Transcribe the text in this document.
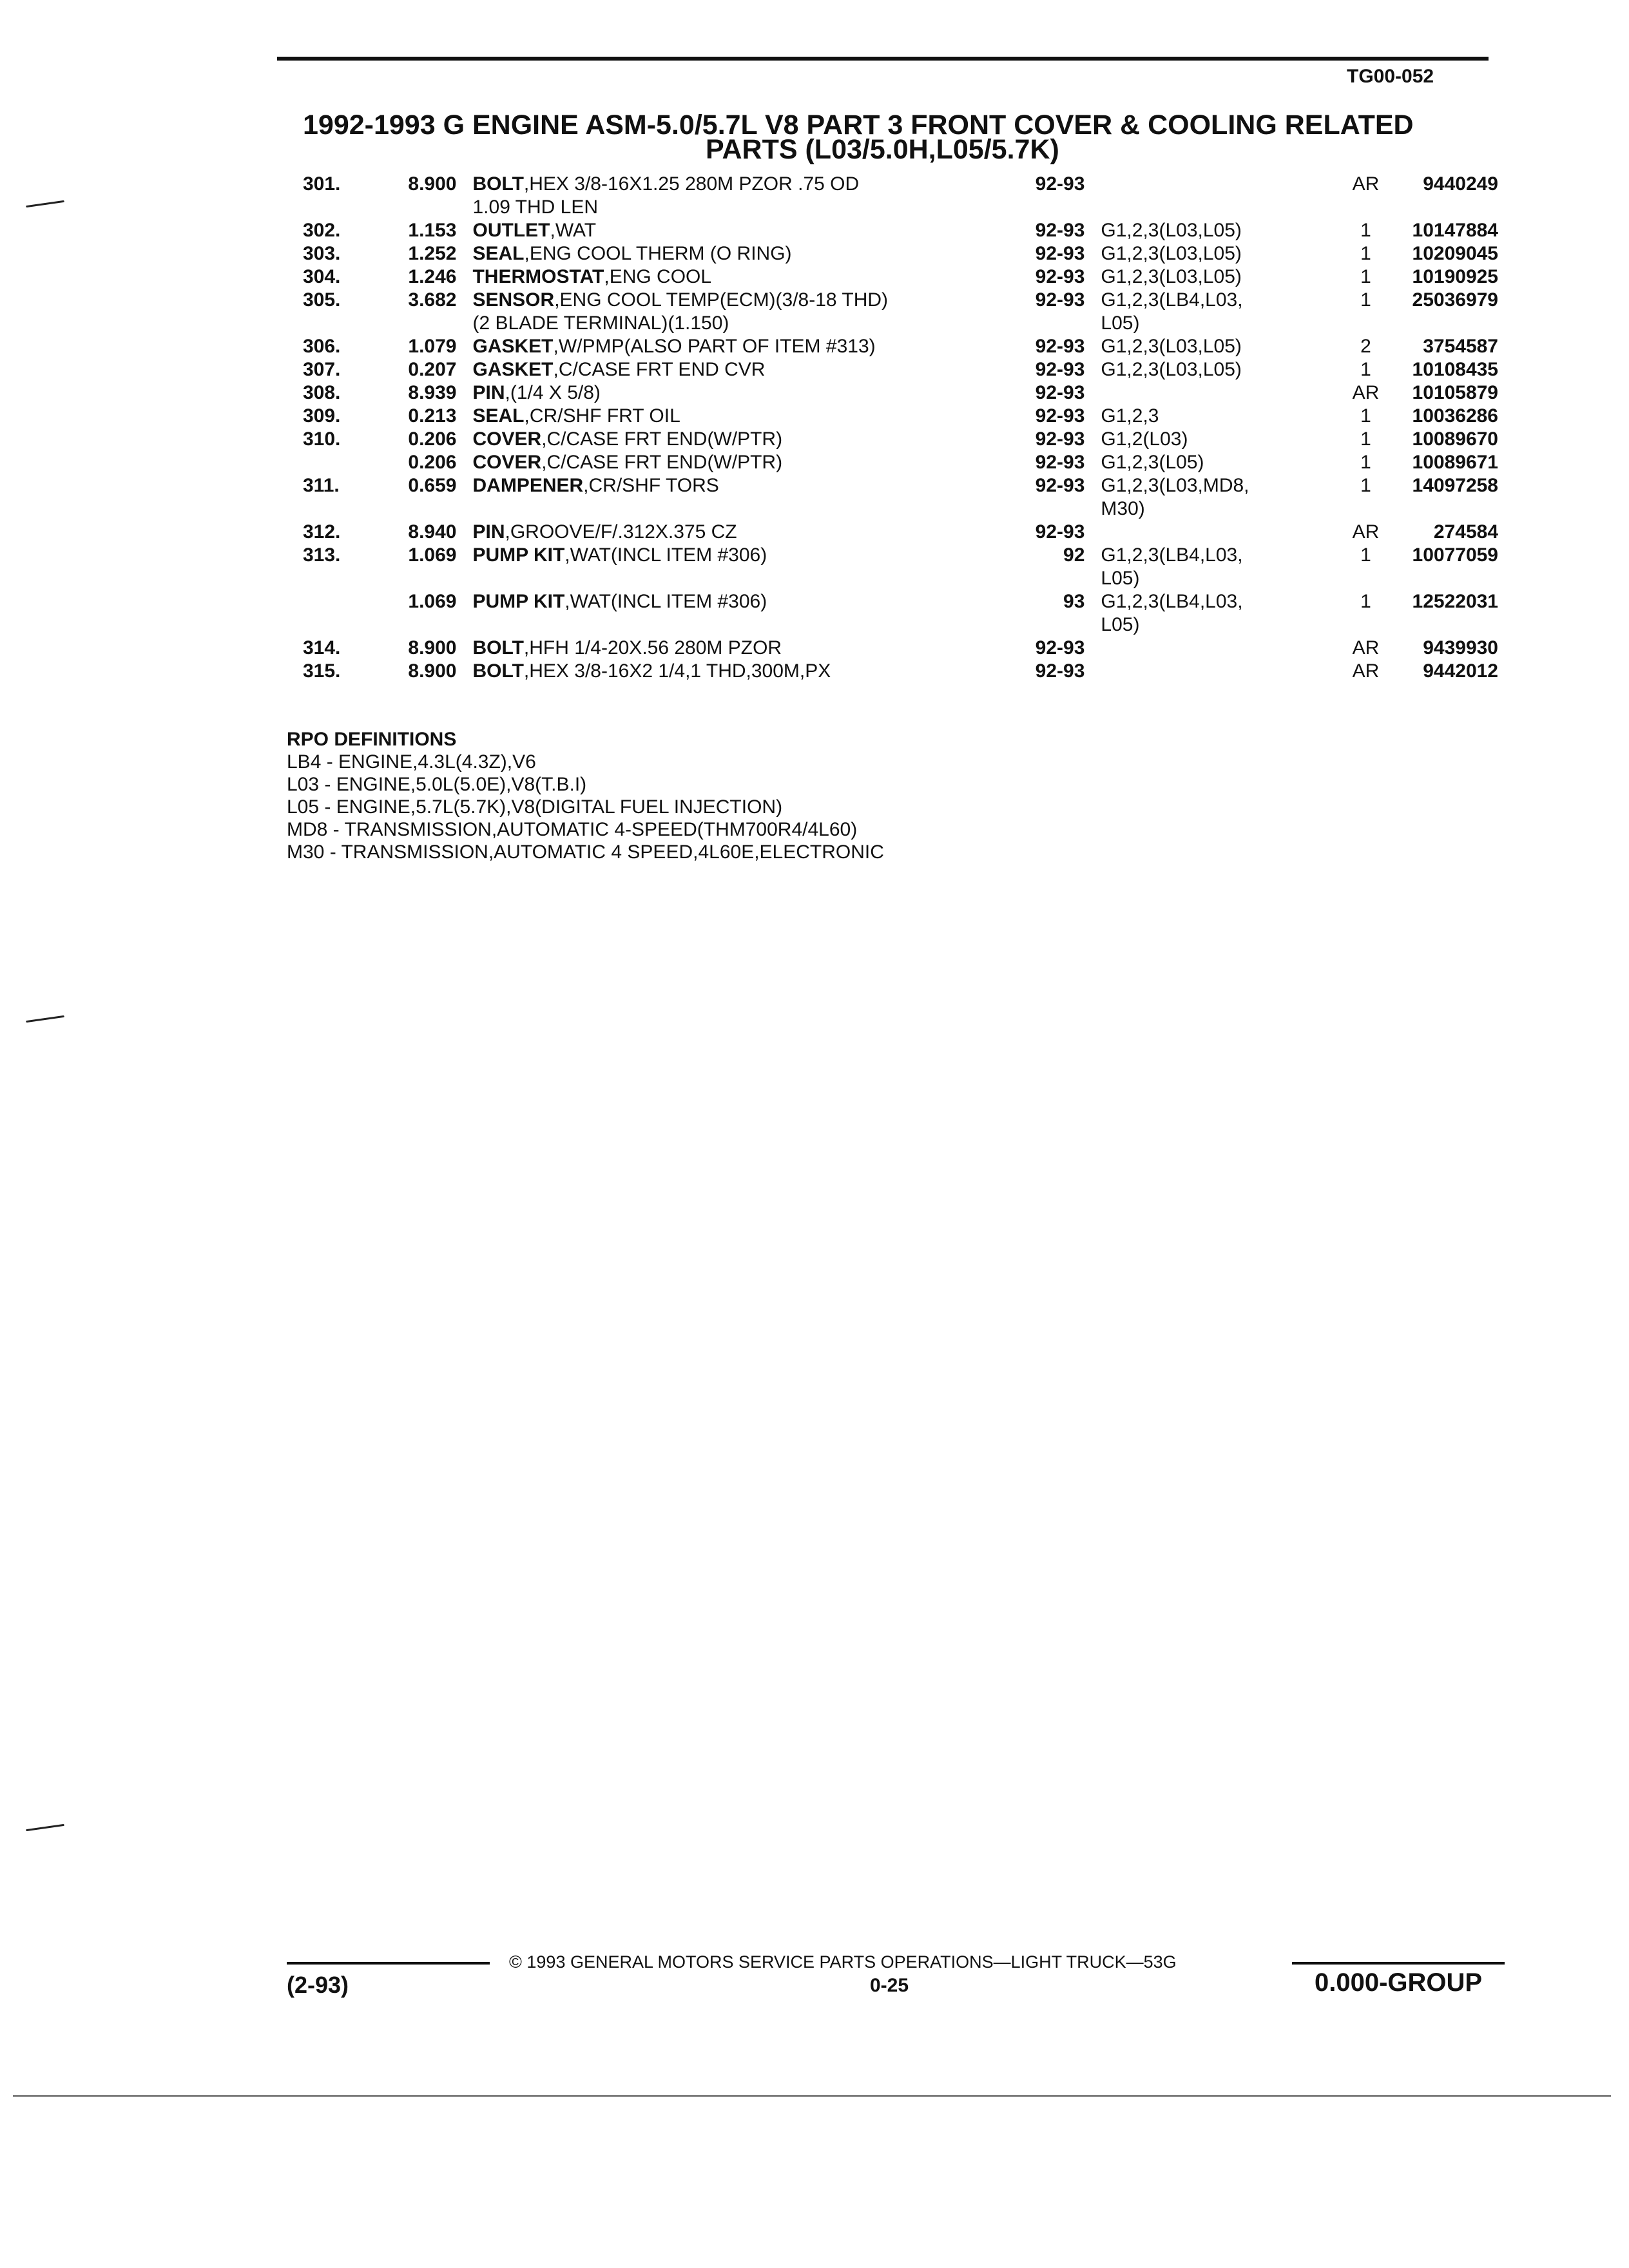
TG00-052
1992-1993 G ENGINE ASM-5.0/5.7L V8 PART 3 FRONT COVER & COOLING RELATED
PARTS (L03/5.0H,L05/5.7K)
301.	8.900	BOLT,HEX 3/8-16X1.25 280M PZOR .75 OD	92-93		AR	9440249
		1.09 THD LEN				
302.	1.153	OUTLET,WAT	92-93	G1,2,3(L03,L05)	1	10147884
303.	1.252	SEAL,ENG COOL THERM (O RING)	92-93	G1,2,3(L03,L05)	1	10209045
304.	1.246	THERMOSTAT,ENG COOL	92-93	G1,2,3(L03,L05)	1	10190925
305.	3.682	SENSOR,ENG COOL TEMP(ECM)(3/8-18 THD)	92-93	G1,2,3(LB4,L03,	1	25036979
		(2 BLADE TERMINAL)(1.150)		L05)		
306.	1.079	GASKET,W/PMP(ALSO PART OF ITEM #313)	92-93	G1,2,3(L03,L05)	2	3754587
307.	0.207	GASKET,C/CASE FRT END CVR	92-93	G1,2,3(L03,L05)	1	10108435
308.	8.939	PIN,(1/4 X 5/8)	92-93		AR	10105879
309.	0.213	SEAL,CR/SHF FRT OIL	92-93	G1,2,3	1	10036286
310.	0.206	COVER,C/CASE FRT END(W/PTR)	92-93	G1,2(L03)	1	10089670
	0.206	COVER,C/CASE FRT END(W/PTR)	92-93	G1,2,3(L05)	1	10089671
311.	0.659	DAMPENER,CR/SHF TORS	92-93	G1,2,3(L03,MD8,	1	14097258
				M30)		
312.	8.940	PIN,GROOVE/F/.312X.375 CZ	92-93		AR	274584
313.	1.069	PUMP KIT,WAT(INCL ITEM #306)	92	G1,2,3(LB4,L03,	1	10077059
				L05)		
	1.069	PUMP KIT,WAT(INCL ITEM #306)	93	G1,2,3(LB4,L03,	1	12522031
				L05)		
314.	8.900	BOLT,HFH 1/4-20X.56 280M PZOR	92-93		AR	9439930
315.	8.900	BOLT,HEX 3/8-16X2 1/4,1 THD,300M,PX	92-93		AR	9442012
RPO DEFINITIONS
LB4 - ENGINE,4.3L(4.3Z),V6
L03 - ENGINE,5.0L(5.0E),V8(T.B.I)
L05 - ENGINE,5.7L(5.7K),V8(DIGITAL FUEL INJECTION)
MD8 - TRANSMISSION,AUTOMATIC 4-SPEED(THM700R4/4L60)
M30 - TRANSMISSION,AUTOMATIC 4 SPEED,4L60E,ELECTRONIC
© 1993 GENERAL MOTORS SERVICE PARTS OPERATIONS—LIGHT TRUCK—53G
(2-93)	0-25	0.000-GROUP
